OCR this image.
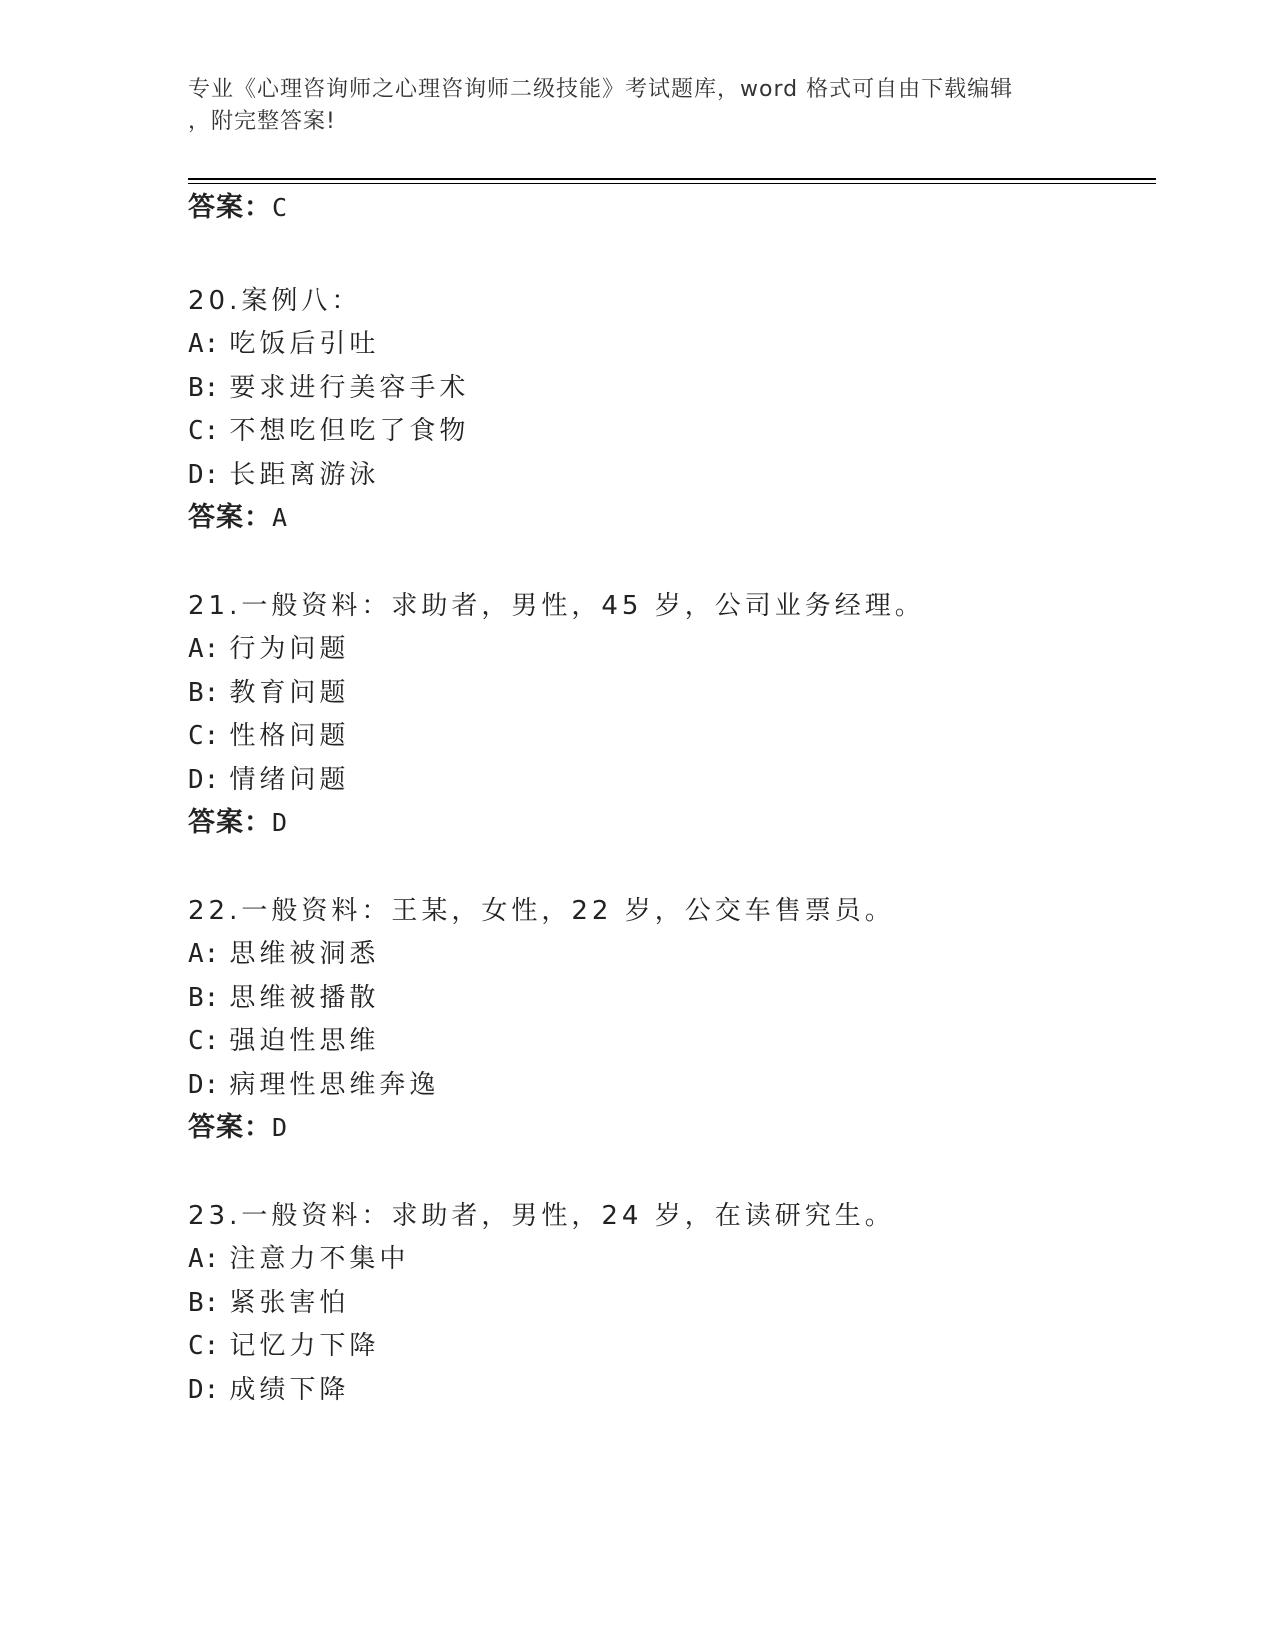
专业《心理咨询师之心理咨询师二级技能》考试题库，word 格式可自由下载编辑
，附完整答案!
答案：C
20.案例八：
A: 吃饭后引吐
B: 要求进行美容手术
C: 不想吃但吃了食物
D: 长距离游泳
答案：A
21.一般资料：求助者，男性，45 岁，公司业务经理。
A: 行为问题
B: 教育问题
C: 性格问题
D: 情绪问题
答案：D
22.一般资料：王某，女性，22 岁，公交车售票员。
A: 思维被洞悉
B: 思维被播散
C: 强迫性思维
D: 病理性思维奔逸
答案：D
23.一般资料：求助者，男性，24 岁，在读研究生。
A: 注意力不集中
B: 紧张害怕
C: 记忆力下降
D: 成绩下降
